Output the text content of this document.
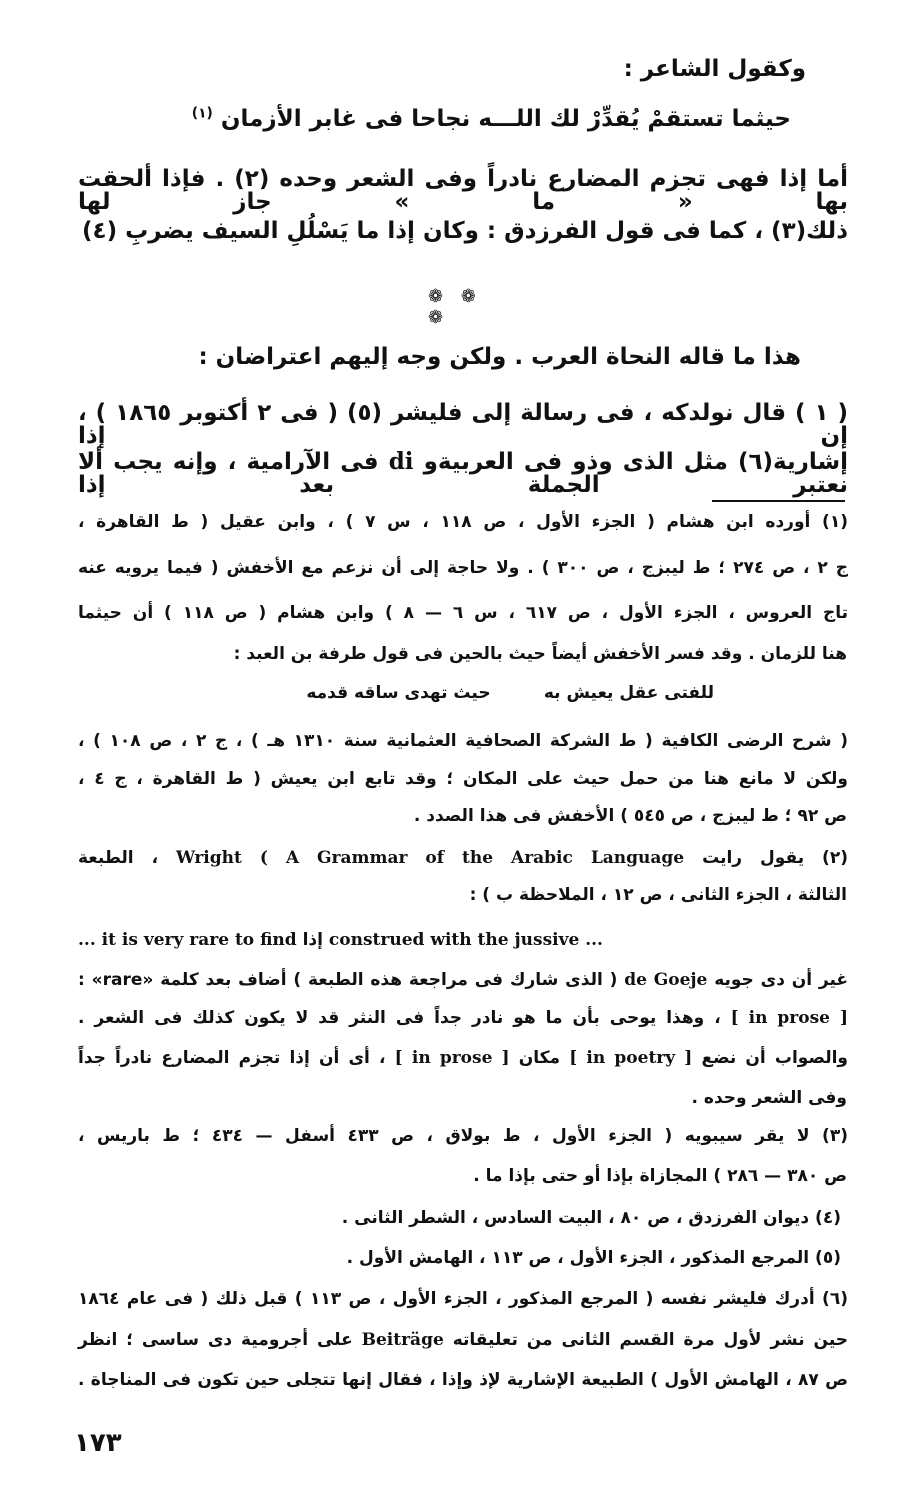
وكقول الشاعر :
حيثما تستقمْ يُقدِّرْ لك اللـــه نجاحا فى غابر الأزمان $^{(١)}$
أما إذا فهى تجزم المضارع نادراً وفى الشعر وحده (٢) . فإذا ألحقت بها « ما » جاز لها
ذلك(٣) ، كما فى قول الفرزدق : وكان إذا ما يَسْلُلِ السيف يضربِ (٤)
❁ ❁ ❁
هذا ما قاله النحاة العرب . ولكن وجه إليهم اعتراضان :
( ١ ) قال نولدكه ، فى رسالة إلى فليشر (٥) ( فى ٢ أكتوبر ١٨٦٥ ) ، إن إذا
إشارية(٦) مثل الذى وذو فى العربيةو di فى الآرامية ، وإنه يجب ألا نعتبر الجملة بعد إذا
(١) أورده ابن هشام ( الجزء الأول ، ص ١١٨ ، س ٧ ) ، وابن عقيل ( ط القاهرة ،
ج ٢ ، ص ٢٧٤ ؛ ط ليبزج ، ص ٣٠٠ ) . ولا حاجة إلى أن نزعم مع الأخفش ( فيما يرويه عنه
تاج العروس ، الجزء الأول ، ص ٦١٧ ، س ٦ — ٨ ) وابن هشام ( ص ١١٨ ) أن حيثما
هنا للزمان . وقد فسر الأخفش أيضاً حيث بالحين فى قول طرفة بن العبد :
للفتى عقل يعيش به         حيث تهدى ساقه قدمه
( شرح الرضى الكافية ( ط الشركة الصحافية العثمانية سنة ١٣١٠ هـ ) ، ج ٢ ، ص ١٠٨ ) ،
ولكن لا مانع هنا من حمل حيث على المكان ؛ وقد تابع ابن يعيش ( ط القاهرة ، ج ٤ ،
ص ٩٢ ؛ ط ليبزج ، ص ٥٤٥ ) الأخفش فى هذا الصدد .
(٢) يقول رايت Wright ( A Grammar of the Arabic Language ، الطبعة
الثالثة ، الجزء الثانى ، ص ١٢ ، الملاحظة ب ) :
... it is very rare to find إذا construed with the jussive ...
غير أن دى جويه de Goeje ( الذى شارك فى مراجعة هذه الطبعة ) أضاف بعد كلمة «rare» :
[ in prose ] ، وهذا يوحى بأن ما هو نادر جداً فى النثر قد لا يكون كذلك فى الشعر .
والصواب أن نضع [ in poetry ] مكان [ in prose ] ، أى أن إذا تجزم المضارع نادراً جداً
وفى الشعر وحده .
(٣) لا يقر سيبويه ( الجزء الأول ، ط بولاق ، ص ٤٣٣ أسفل — ٤٣٤ ؛ ط باريس ،
ص ٣٨٠ — ٢٨٦ ) المجازاة بإذا أو حتى بإذا ما .
(٤) ديوان الفرزدق ، ص ٨٠ ، البيت السادس ، الشطر الثانى .
(٥) المرجع المذكور ، الجزء الأول ، ص ١١٣ ، الهامش الأول .
(٦) أدرك فليشر نفسه ( المرجع المذكور ، الجزء الأول ، ص ١١٣ ) قبل ذلك ( فى عام ١٨٦٤
حين نشر لأول مرة القسم الثانى من تعليقاته Beiträge على أجرومية دى ساسى ؛ انظر
ص ٨٧ ، الهامش الأول ) الطبيعة الإشارية لإذ وإذا ، فقال إنها تتجلى حين تكون فى المناجاة .
١٧٣
